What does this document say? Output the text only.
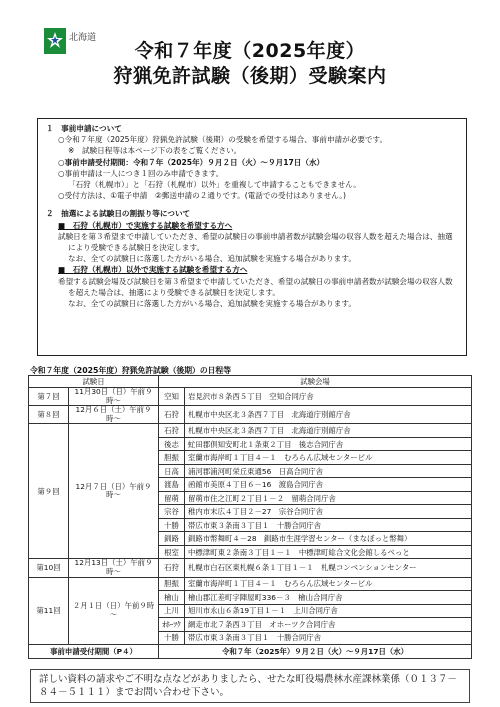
北海道
令和７年度（2025年度）
狩猟免許試験（後期）受験案内
１　事前申請について
○令和７年度（2025年度）狩猟免許試験（後期）の受験を希望する場合、事前申請が必要です。
※　試験日程等は本ページ下の表をご覧ください。
○事前申請受付期間：令和７年（2025年）９月２日（火）～９月17日（水）
○事前申請は一人につき１回のみ申請できます。
「石狩（札幌市）」と「石狩（札幌市）以外」を重複して申請することもできません。
○受付方法は、①電子申請　②郵送申請の２通りです。(電話での受付はありません。)
２　抽選による試験日の割振り等について
■　石狩（札幌市）で実施する試験を希望する方へ
試験日を第３希望まで申請していただき、希望の試験日の事前申請者数が試験会場の収容人数を超えた場合は、抽選により受験できる試験日を決定します。
なお、全ての試験日に落選した方がいる場合、追加試験を実施する場合があります。
■　石狩（札幌市）以外で実施する試験を希望する方へ
希望する試験会場及び試験日を第３希望まで申請していただき、希望の試験日の事前申請者数が試験会場の収容人数を超えた場合は、抽選により受験できる試験日を決定します。
なお、全ての試験日に落選した方がいる場合、追加試験を実施する場合があります。
令和７年度（2025年度）狩猟免許試験（後期）の日程等
試験日		試験会場	
第７回	11月30日（日）午前９時～	空知	岩見沢市８条西５丁目　空知合同庁舎
第８回	12月６日（土）午前９時～	石狩	札幌市中央区北３条西７丁目　北海道庁別館庁舎
第９回	12月７日（日）午前９時～	石狩	札幌市中央区北３条西７丁目　北海道庁別館庁舎
		後志	虻田郡倶知安町北１条東２丁目　後志合同庁舎
		胆振	室蘭市海岸町１丁目４－１　むろらん広域センタービル
		日高	浦河郡浦河町栄丘東通56　日高合同庁舎
		渡島	函館市美原４丁目６－16　渡島合同庁舎
		留萌	留萌市住之江町２丁目１－２　留萌合同庁舎
		宗谷	稚内市末広４丁目２－27　宗谷合同庁舎
		十勝	帯広市東３条南３丁目１　十勝合同庁舎
		釧路	釧路市幣舞町４－28　釧路市生涯学習センター（まなぼっと幣舞）
		根室	中標津町東２条南３丁目１－１　中標津町総合文化会館しるべっと
第10回	12月13日（土）午前９時～	石狩	札幌市白石区東札幌６条１丁目１－１　札幌コンベンションセンター
第11回	２月１日（日）午前９時～	胆振	室蘭市海岸町１丁目４－１　むろらん広域センタービル
		檜山	檜山郡江差町字陣屋町336－３　檜山合同庁舎
		上川	旭川市永山６条19丁目１－１　上川合同庁舎
		ｵﾎｰﾂｸ	網走市北７条西３丁目　オホーツク合同庁舎
		十勝	帯広市東３条南３丁目１　十勝合同庁舎
事前申請受付期間（P４）		令和７年（2025年）９月２日（火）～９月17日（水）	
詳しい資料の請求やご不明な点などがありましたら、せたな町役場農林水産課林業係（０１３７－８４－５１１１）までお問い合わせ下さい。
